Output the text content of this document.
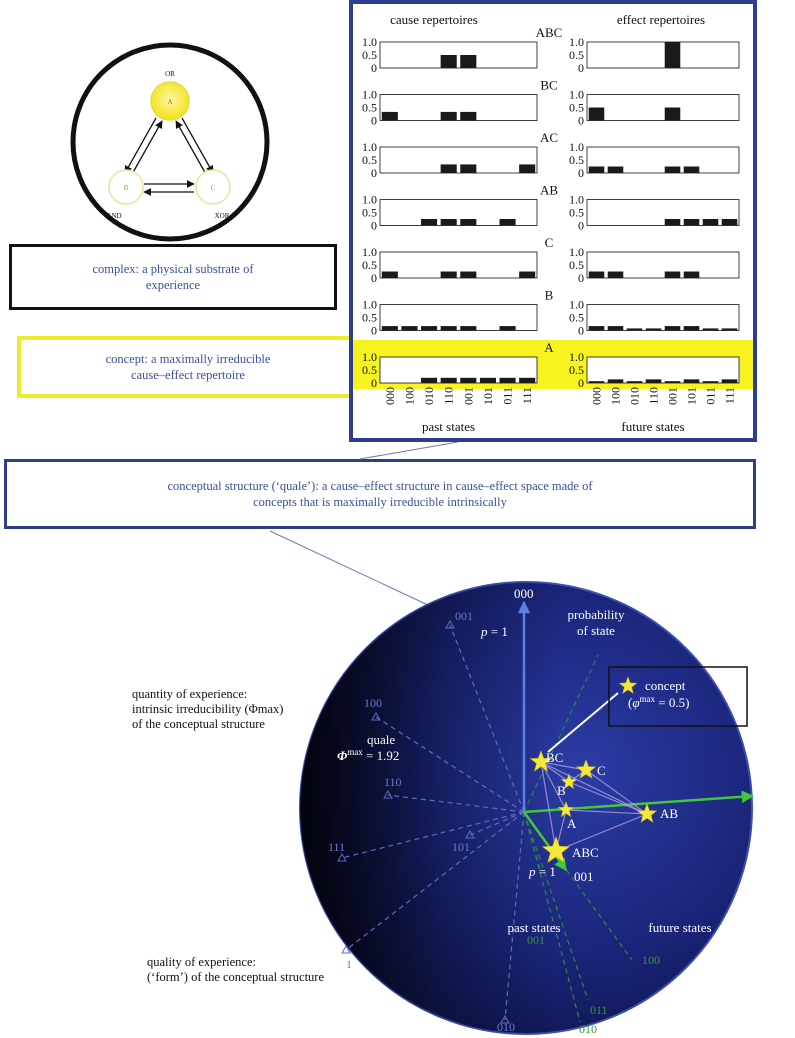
A
OR
B
AND
C
XOR
complex: a physical substrate of experience
concept: a maximally irreducible cause–effect repertoire
cause repertoires	effect repertoires
ABC
1.0
0.5
0
1.0
0.5
0
BC
1.0
0.5
0
1.0
0.5
0
AC
1.0
0.5
0
1.0
0.5
0
AB
1.0
0.5
0
1.0
0.5
0
C
1.0
0.5
0
1.0
0.5
0
B
1.0
0.5
0
1.0
0.5
0
A
1.0
0.5
0
1.0
0.5
0
000 100 010 110 001 101 011 111
past states
000 100 010 110 001 101 011 111
future states
conceptual structure (‘quale’): a cause–effect structure in cause–effect space made of concepts that is maximally irreducible intrinsically
001
100
110
111	101
010
100
011
010
001
1
000
101
001
p = 1
p = 1
probability
of state
past states	future states
quale
$\Phi^{max} = 1.92$
concept
$(\varphi^{max} = 0.5)$
BC
C
B
A
AB
ABC
quantity of experience:
intrinsic irreducibility (Φmax)
of the conceptual structure
quality of experience:
(‘form’) of the conceptual structure
